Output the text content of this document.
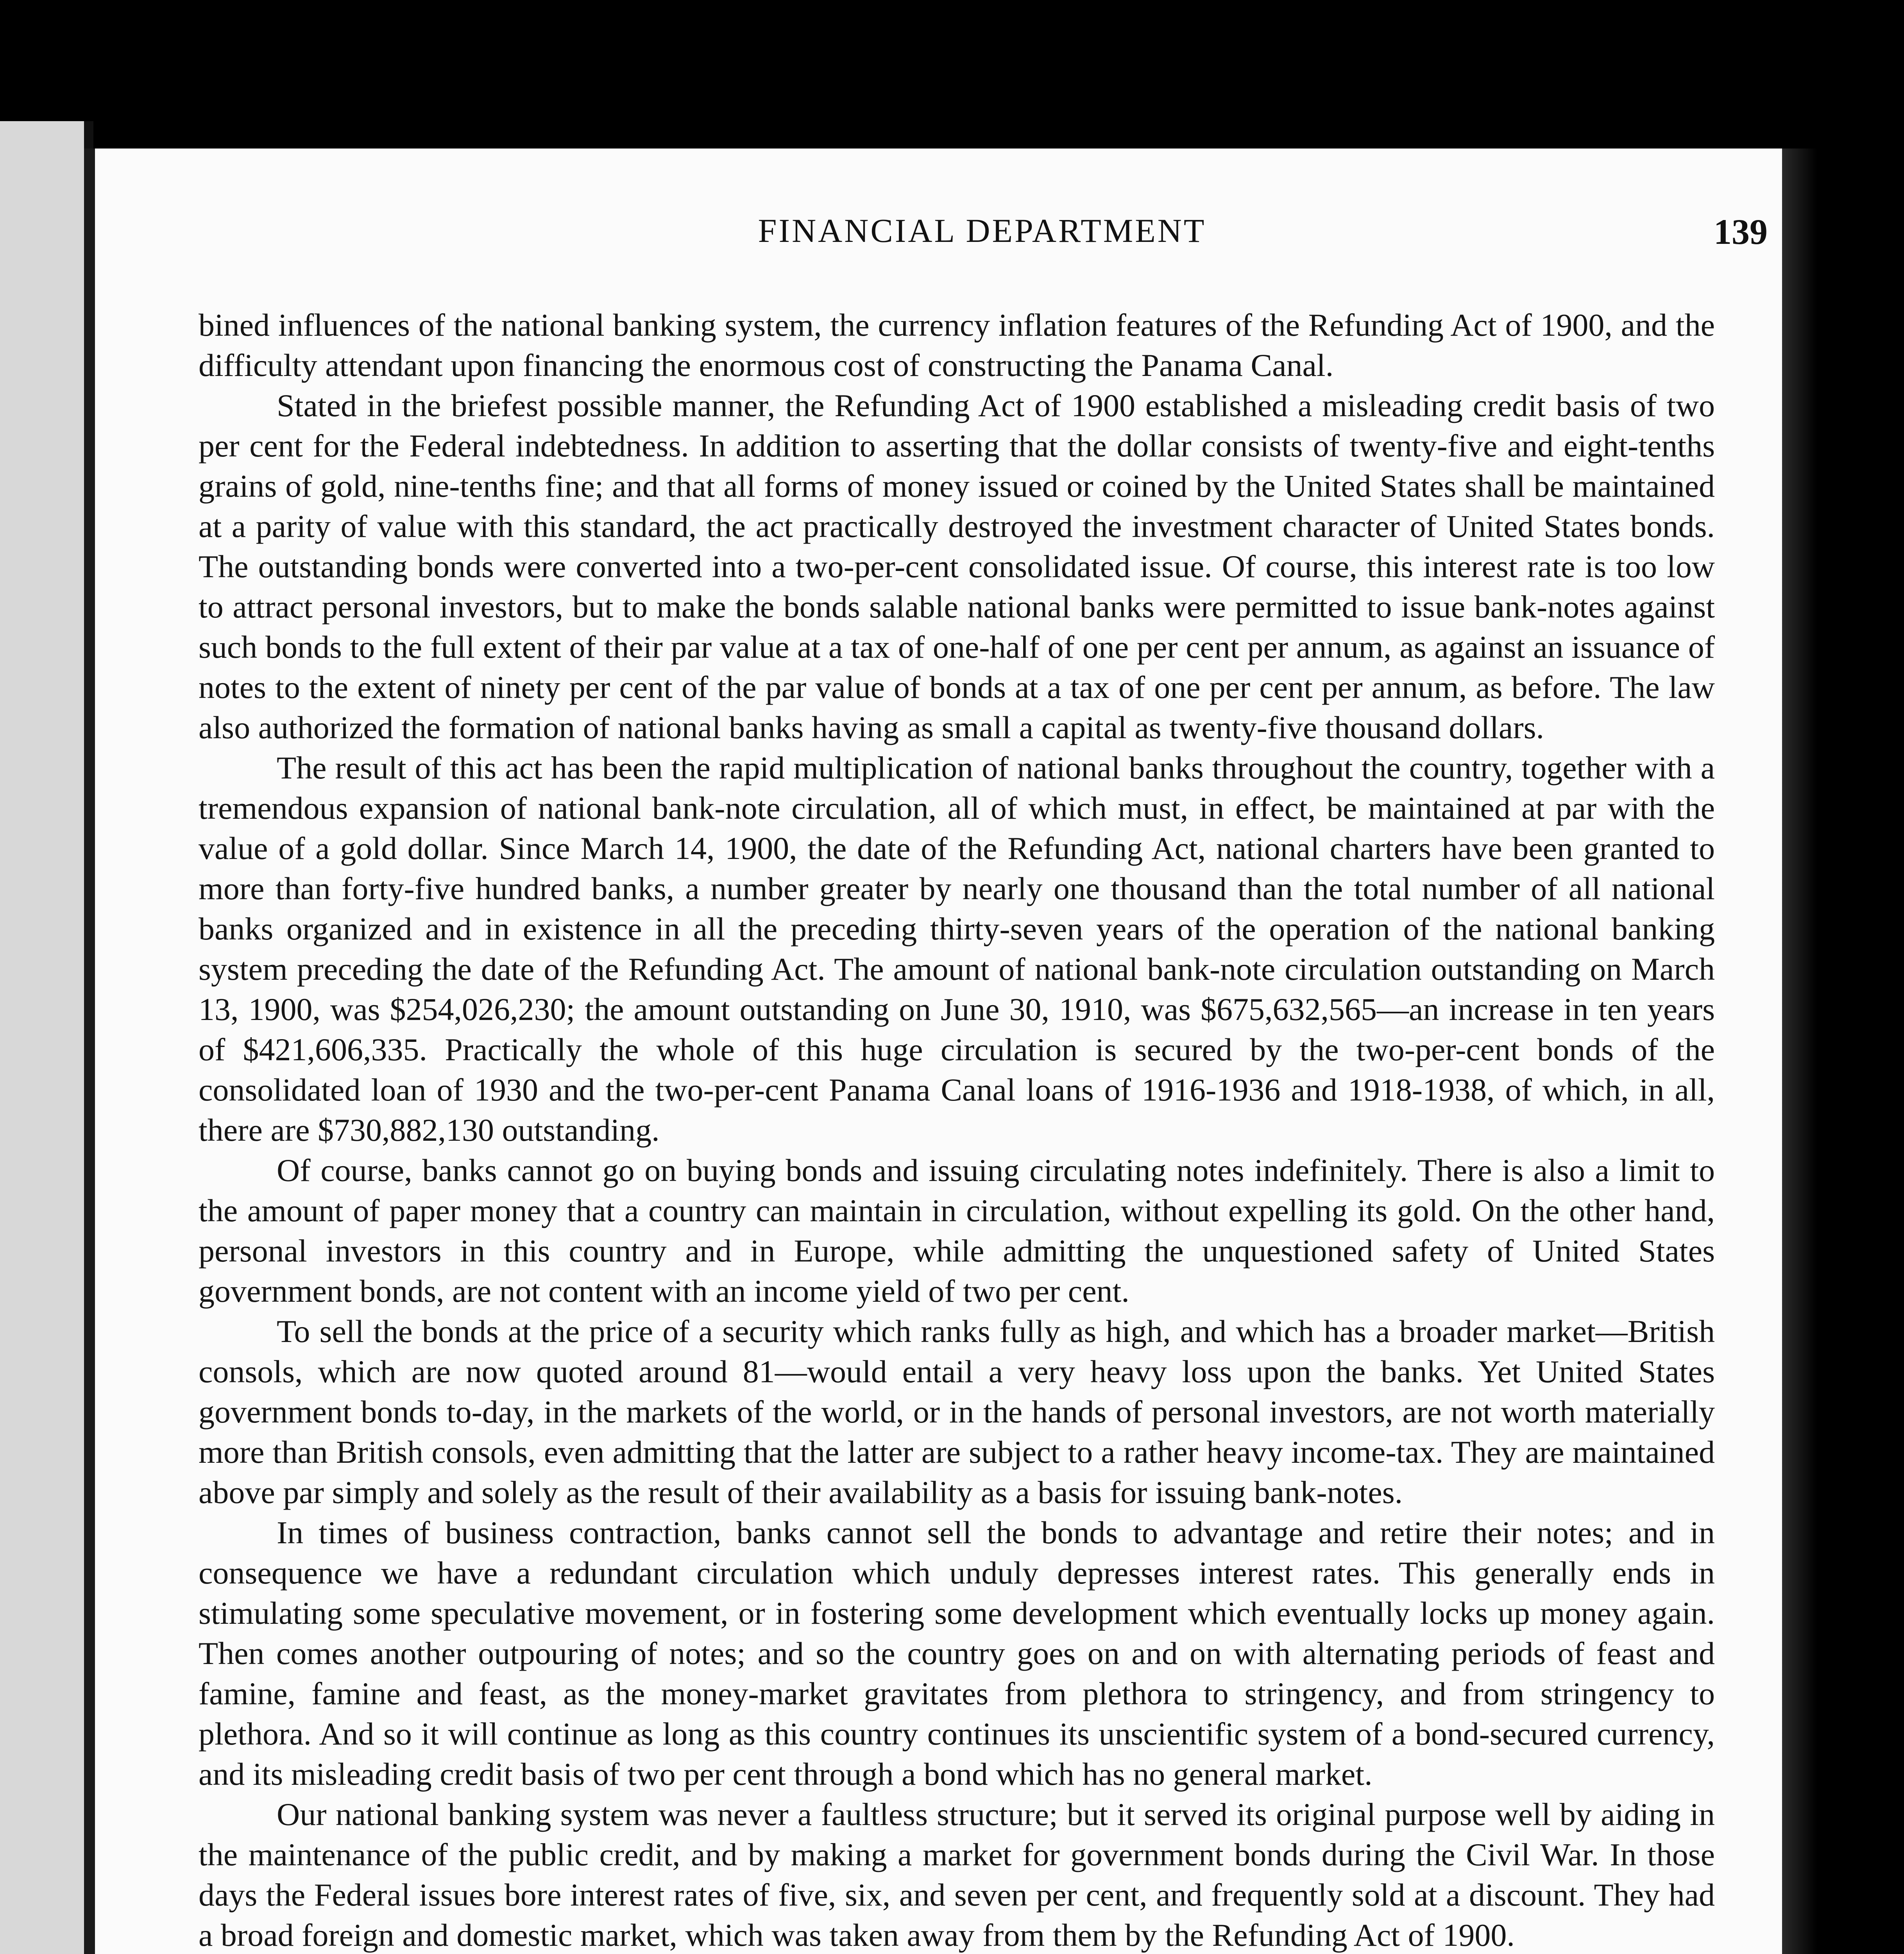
FINANCIAL DEPARTMENT	139

bined influences of the national banking system, the currency inflation features of the Refunding Act of 1900, and the difficulty attendant upon financing the enormous cost of constructing the Panama Canal.

Stated in the briefest possible manner, the Refunding Act of 1900 established a misleading credit basis of two per cent for the Federal indebtedness. In addition to asserting that the dollar consists of twenty-five and eight-tenths grains of gold, nine-tenths fine; and that all forms of money issued or coined by the United States shall be maintained at a parity of value with this standard, the act practically destroyed the investment character of United States bonds. The outstanding bonds were converted into a two-per-cent consolidated issue. Of course, this interest rate is too low to attract personal investors, but to make the bonds salable national banks were permitted to issue bank-notes against such bonds to the full extent of their par value at a tax of one-half of one per cent per annum, as against an issuance of notes to the extent of ninety per cent of the par value of bonds at a tax of one per cent per annum, as before. The law also authorized the formation of national banks having as small a capital as twenty-five thousand dollars.

The result of this act has been the rapid multiplication of national banks throughout the country, together with a tremendous expansion of national bank-note circulation, all of which must, in effect, be maintained at par with the value of a gold dollar. Since March 14, 1900, the date of the Refunding Act, national charters have been granted to more than forty-five hundred banks, a number greater by nearly one thousand than the total number of all national banks organized and in existence in all the preceding thirty-seven years of the operation of the national banking system preceding the date of the Refunding Act. The amount of national bank-note circulation outstanding on March 13, 1900, was $254,026,230; the amount outstanding on June 30, 1910, was $675,632,565—an increase in ten years of $421,606,335. Practically the whole of this huge circulation is secured by the two-per-cent bonds of the consolidated loan of 1930 and the two-per-cent Panama Canal loans of 1916-1936 and 1918-1938, of which, in all, there are $730,882,130 outstanding.

Of course, banks cannot go on buying bonds and issuing circulating notes indefinitely. There is also a limit to the amount of paper money that a country can maintain in circulation, without expelling its gold. On the other hand, personal investors in this country and in Europe, while admitting the unquestioned safety of United States government bonds, are not content with an income yield of two per cent.

To sell the bonds at the price of a security which ranks fully as high, and which has a broader market—British consols, which are now quoted around 81—would entail a very heavy loss upon the banks. Yet United States government bonds to-day, in the markets of the world, or in the hands of personal investors, are not worth materially more than British consols, even admitting that the latter are subject to a rather heavy income-tax. They are maintained above par simply and solely as the result of their availability as a basis for issuing bank-notes.

In times of business contraction, banks cannot sell the bonds to advantage and retire their notes; and in consequence we have a redundant circulation which unduly depresses interest rates. This generally ends in stimulating some speculative movement, or in fostering some development which eventually locks up money again. Then comes another outpouring of notes; and so the country goes on and on with alternating periods of feast and famine, famine and feast, as the money-market gravitates from plethora to stringency, and from stringency to plethora. And so it will continue as long as this country continues its unscientific system of a bond-secured currency, and its misleading credit basis of two per cent through a bond which has no general market.

Our national banking system was never a faultless structure; but it served its original purpose well by aiding in the maintenance of the public credit, and by making a market for government bonds during the Civil War. In those days the Federal issues bore interest rates of five, six, and seven per cent, and frequently sold at a discount. They had a broad foreign and domestic market, which was taken away from them by the Refunding Act of 1900.
